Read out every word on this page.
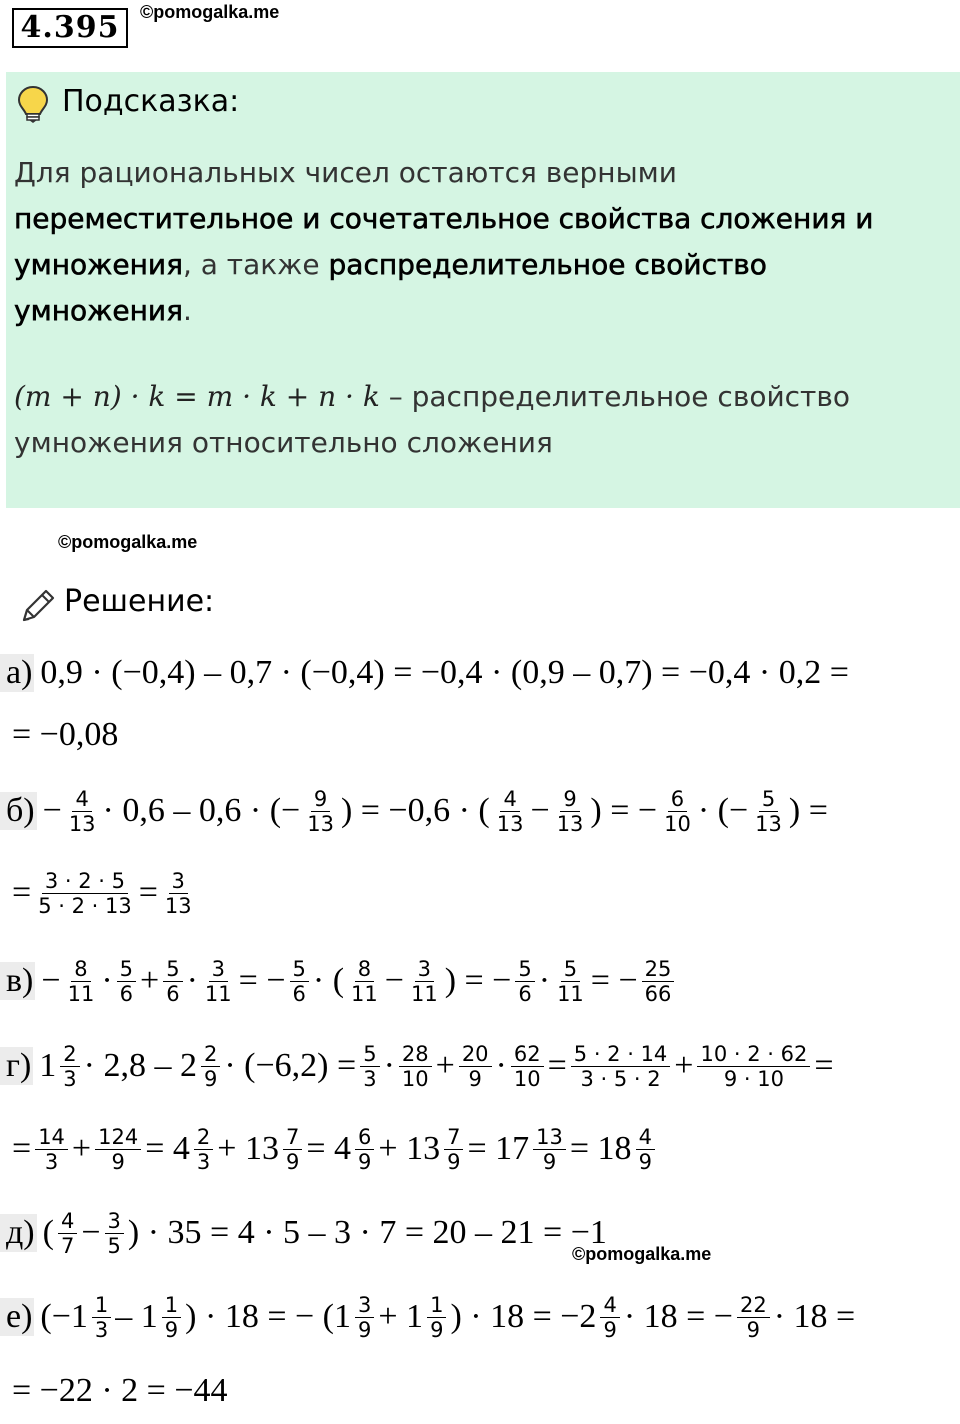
4.395	©pomogalka.me
Подсказка:
Для рациональных чисел остаются верными переместительное и сочетательное свойства сложения и умножения, а также распределительное свойство умножения.
(m + n) · k = m · k + n · k – распределительное свойство умножения относительно сложения
©pomogalka.me
Решение:
а) 0,9 · (−0,4) – 0,7 · (−0,4) = −0,4 · (0,9 – 0,7) = −0,4 · 0,2 =
= −0,08
$б) - \frac{4}{13} \cdot 0,6 - 0,6$ · (− $\frac{9}{13}$ ) = −0,6 · ( $\frac{4}{13} - \frac{9}{13}$ ) = − $\frac{6}{10}$ · (− $\frac{5}{13}$ ) =
= $\frac{3 \cdot 2 \cdot 5}{5 \cdot 2 \cdot 13} = \frac{3}{13}$
$в) - \frac{8}{11} \cdot \frac{5}{6} + \frac{5}{6} \cdot \frac{3}{11}$ = − $\frac{5}{6}$ · ( $\frac{8}{11} - \frac{3}{11}$ ) = − $\frac{5}{6} \cdot \frac{5}{11}$ = − $\frac{25}{66}$
г) $1 \frac{2}{3} \cdot 2,8 - 2 \frac{2}{9} \cdot (-6,2) = \frac{5}{3} \cdot \frac{28}{10} + \frac{20}{9} \cdot \frac{62}{10} = \frac{5 \cdot 2 \cdot 14}{3 \cdot 5 \cdot 2} + \frac{10 \cdot 2 \cdot 62}{9 \cdot 10}$ =
= $\frac{14}{3} + \frac{124}{9} = 4 \frac{2}{3} + 13 \frac{7}{9} = 4 \frac{6}{9} + 13 \frac{7}{9} = 17 \frac{13}{9} = 18 \frac{4}{9}$
д) ( $\frac{4}{7} - \frac{3}{5}$ ) · 35 = 4 · 5 – 3 · 7 = 20 – 21 = −1
©pomogalka.me
е) ($-1 \frac{1}{3} - 1 \frac{1}{9}$ ) · 18 = − ($1 \frac{3}{9} + 1 \frac{1}{9}$ ) · $18 = -2 \frac{4}{9} \cdot 18$ = − $\frac{22}{9} \cdot 18$ =
= −22 · 2 = −44
